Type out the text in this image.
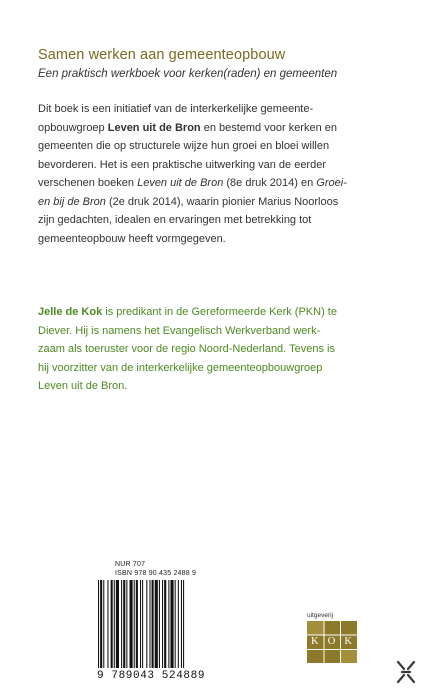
Samen werken aan gemeenteopbouw
Een praktisch werkboek voor kerken(raden) en gemeenten
Dit boek is een initiatief van de interkerkelijke gemeente-
opbouwgroep Leven uit de Bron en bestemd voor kerken en
gemeenten die op structurele wijze hun groei en bloei willen
bevorderen. Het is een praktische uitwerking van de eerder
verschenen boeken Leven uit de Bron (8e druk 2014) en Groei-
en bij de Bron (2e druk 2014), waarin pionier Marius Noorloos
zijn gedachten, idealen en ervaringen met betrekking tot
gemeenteopbouw heeft vormgegeven.
Jelle de Kok is predikant in de Gereformeerde Kerk (PKN) te
Diever. Hij is namens het Evangelisch Werkverband werk-
zaam als toeruster voor de regio Noord-Nederland. Tevens is
hij voorzitter van de interkerkelijke gemeenteopbouwgroep
Leven uit de Bron.
NUR 707
ISBN 978 90 435 2488 9
9 789043 524889
uitgeverij
K O K
